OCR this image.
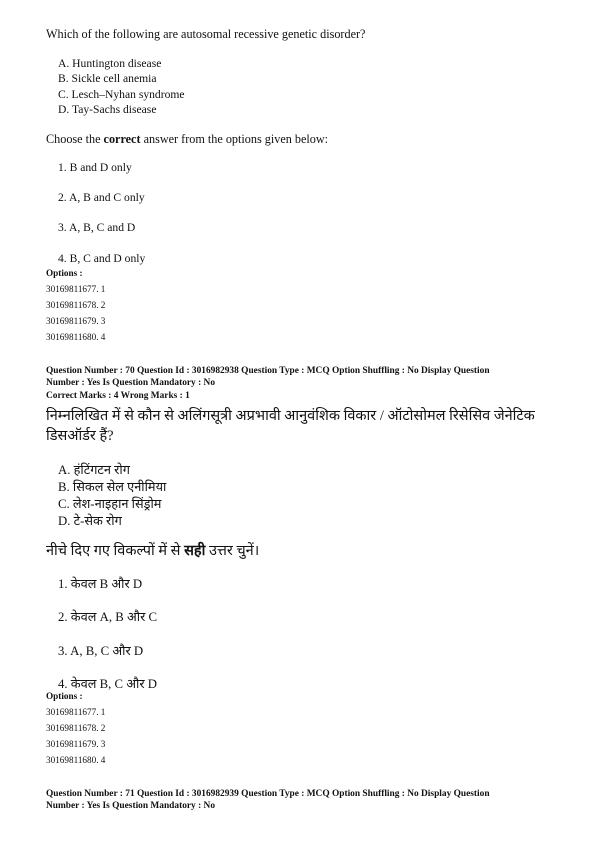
Which of the following are autosomal recessive genetic disorder?
A. Huntington disease
B. Sickle cell anemia
C. Lesch–Nyhan syndrome
D. Tay-Sachs disease
Choose the correct answer from the options given below:
1. B and D only
2. A, B and C only
3. A, B, C and D
4. B, C and D only
Options :
30169811677. 1
30169811678. 2
30169811679. 3
30169811680. 4
Question Number : 70 Question Id : 3016982938 Question Type : MCQ Option Shuffling : No Display Question
Number : Yes Is Question Mandatory : No
Correct Marks : 4 Wrong Marks : 1
निम्नलिखित में से कौन से अलिंगसूत्री अप्रभावी आनुवंशिक विकार / ऑटोसोमल रिसेसिव जेनेटिक
डिसऑर्डर हैं?
A. हंटिंगटन रोग
B. सिकल सेल एनीमिया
C. लेश-नाइहान सिंड्रोम
D. टे-सेक रोग
नीचे दिए गए विकल्पों में से सही उत्तर चुनें।
1. केवल B और D
2. केवल A, B और C
3. A, B, C और D
4. केवल B, C और D
Options :
30169811677. 1
30169811678. 2
30169811679. 3
30169811680. 4
Question Number : 71 Question Id : 3016982939 Question Type : MCQ Option Shuffling : No Display Question
Number : Yes Is Question Mandatory : No
